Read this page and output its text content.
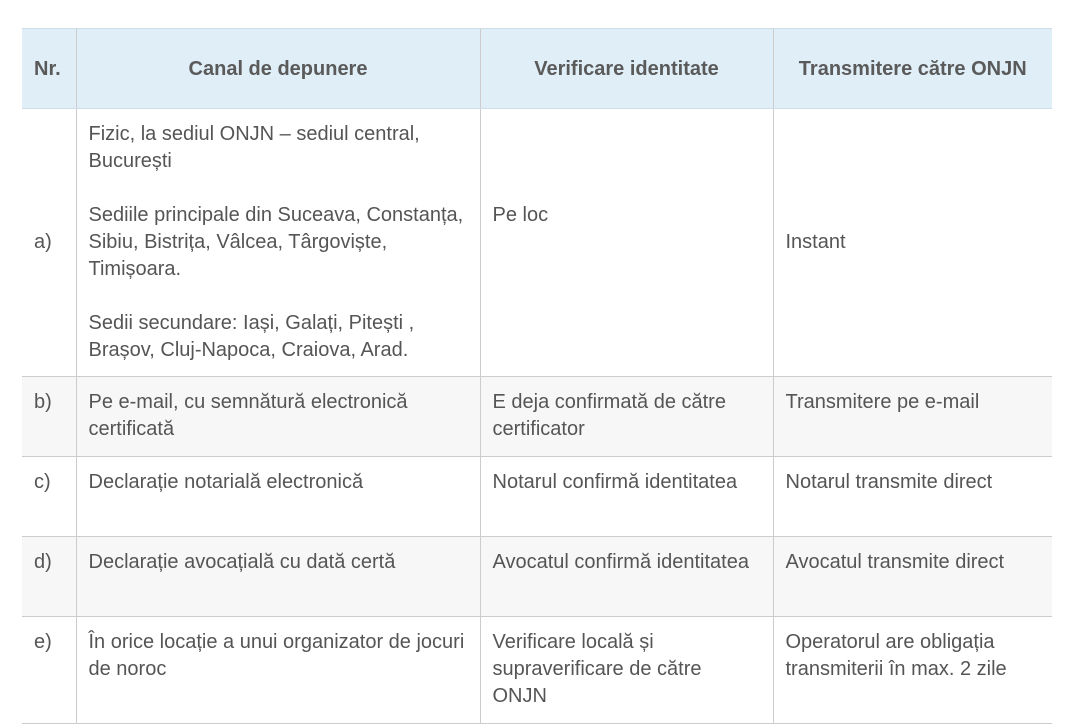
Nr.	Canal de depunere	Verificare identitate	Transmitere către ONJN
a)	Fizic, la sediul ONJN – sediul central, București
Sediile principale din Suceava, Constanța, Sibiu, Bistrița, Vâlcea, Târgoviște, Timișoara.
Sedii secundare: Iași, Galați, Pitești , Brașov, Cluj-Napoca, Craiova, Arad.	Pe loc	Instant
b)	Pe e-mail, cu semnătură electronică certificată	E deja confirmată de către certificator	Transmitere pe e-mail
c)	Declarație notarială electronică	Notarul confirmă identitatea	Notarul transmite direct
d)	Declarație avocațială cu dată certă	Avocatul confirmă identitatea	Avocatul transmite direct
e)	În orice locație a unui organizator de jocuri de noroc	Verificare locală și supraverificare de către ONJN	Operatorul are obligația transmiterii în max. 2 zile
